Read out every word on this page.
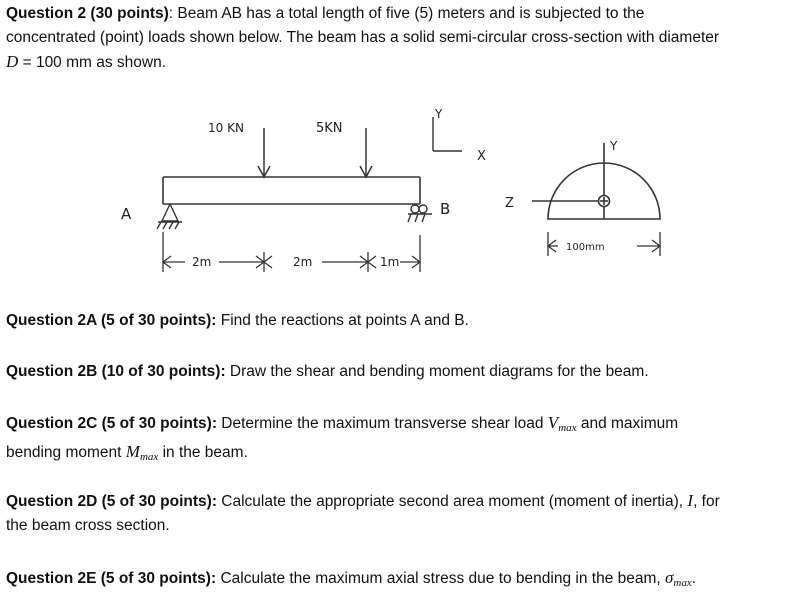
Question 2 (30 points): Beam AB has a total length of five (5) meters and is subjected to the
concentrated (point) loads shown below. The beam has a solid semi-circular cross-section with diameter
D = 100 mm as shown.
10 KN	5KN
A	B
Y
X
2m	2m	1m
Y
Z
100mm
Question 2A (5 of 30 points): Find the reactions at points A and B.
Question 2B (10 of 30 points): Draw the shear and bending moment diagrams for the beam.
Question 2C (5 of 30 points): Determine the maximum transverse shear load $V_{max}$ and maximum
bending moment $M_{max}$ in the beam.
Question 2D (5 of 30 points): Calculate the appropriate second area moment (moment of inertia), I, for
the beam cross section.
Question 2E (5 of 30 points): Calculate the maximum axial stress due to bending in the beam, $\sigma_{max}$.
